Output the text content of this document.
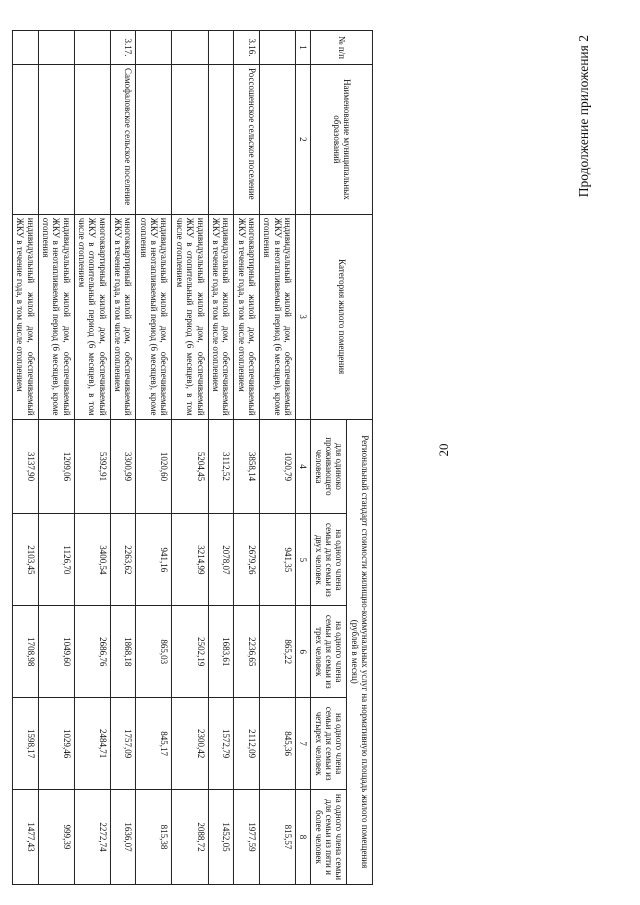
20
Продолжение приложения 2
№ п/п	Наименование муниципальных образований	Категория жилого помещения	Региональный стандарт стоимости жилищно-коммунальных услуг на нормативную площадь жилого помещения (рублей в месяц)				
			для одиноко проживающего человека	на одного члена семьи для семьи из двух человек	на одного члена семьи для семьи из трех человек	на одного члена семьи для семьи из четырех человек	на одного члена семьи для семьи из пяти и более человек
1	2	3	4	5	6	7	8
		индивидуальный жилой дом, обеспечиваемый ЖКУ в неотапливаемый период (6 месяцев), кроме отопления	1020,79	941,35	865,22	845,36	815,57
3.16.	Россошенское сельское поселение	многоквартирный жилой дом, обеспечиваемый ЖКУ в течение года, в том числе отоплением	3858,14	2679,26	2236,65	2112,09	1977,59
		индивидуальный жилой дом, обеспечиваемый ЖКУ в течение года, в том числе отоплением	3112,52	2078,07	1683,61	1572,79	1452,05
		индивидуальный жилой дом, обеспечиваемый ЖКУ в отопительный период (6 месяцев), в том числе отоплением	5204,45	3214,99	2502,19	2300,42	2088,72
		индивидуальный жилой дом, обеспечиваемый ЖКУ в неотапливаемый период (6 месяцев), кроме отопления	1020,60	941,16	865,03	845,17	815,38
3.17.	Самофаловское сельское поселение	многоквартирный жилой дом, обеспечиваемый ЖКУ в течение года, в том числе отоплением	3300,99	2263,62	1868,18	1757,09	1636,07
		многоквартирный жилой дом, обеспечиваемый ЖКУ в отопительный период (6 месяцев), в том числе отоплением	5392,91	3400,54	2686,76	2484,71	2272,74
		индивидуальный жилой дом, обеспечиваемый ЖКУ в неотапливаемый период (6 месяцев), кроме отопления	1209,06	1126,70	1049,60	1029,46	999,39
		индивидуальный жилой дом, обеспечиваемый ЖКУ в течение года, в том числе отоплением	3137,90	2103,45	1708,98	1598,17	1477,43
